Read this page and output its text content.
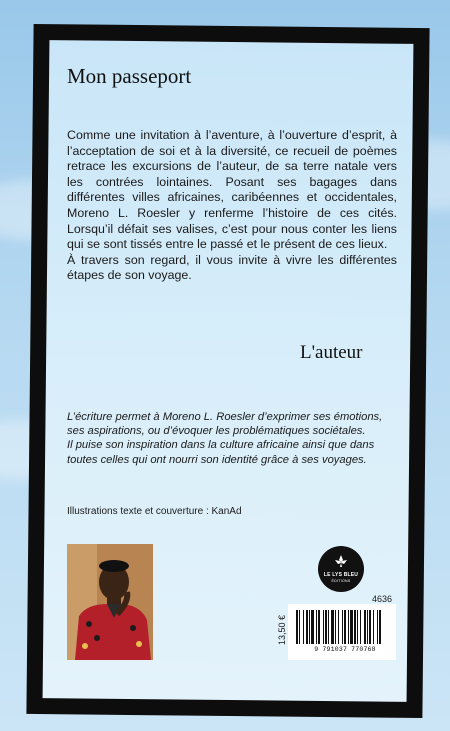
Mon passeport

Comme une invitation à l’aventure, à l’ouverture d’esprit, à l’acceptation de soi et à la diversité, ce recueil de poèmes retrace les excursions de l’auteur, de sa terre natale vers les contrées lointaines. Posant ses bagages dans différentes villes africaines, caribéennes et occidentales, Moreno L. Roesler y renferme l’histoire de ces cités. Lorsqu’il défait ses valises, c’est pour nous conter les liens qui se sont tissés entre le passé et le présent de ces lieux.

À travers son regard, il vous invite à vivre les différentes étapes de son voyage.

L'auteur

L’écriture permet à Moreno L. Roesler d’exprimer ses émotions, ses aspirations, ou d’évoquer les problématiques sociétales.

Il puise son inspiration dans la culture africaine ainsi que dans toutes celles qui ont nourri son identité grâce à ses voyages.

Illustrations texte et couverture : KanAd
LE LYS BLEU
ÉDITIONS
4636
13,50 €
9 791037 770768
